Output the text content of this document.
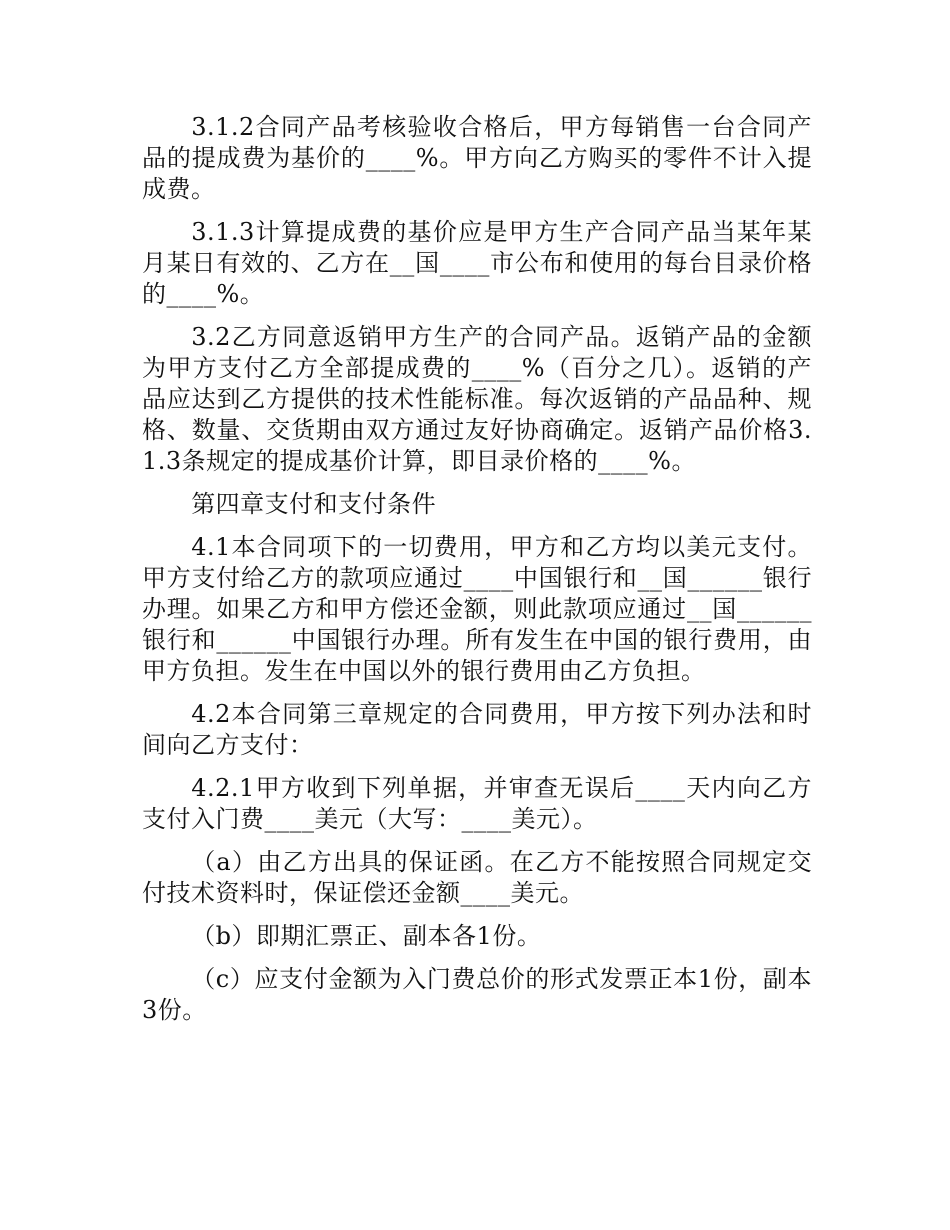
3.1.2合同产品考核验收合格后，甲方每销售一台合同产品的提成费为基价的____%。甲方向乙方购买的零件不计入提成费。

3.1.3计算提成费的基价应是甲方生产合同产品当某年某月某日有效的、乙方在__国____市公布和使用的每台目录价格的____%。

3.2乙方同意返销甲方生产的合同产品。返销产品的金额为甲方支付乙方全部提成费的____%（百分之几）。返销的产品应达到乙方提供的技术性能标准。每次返销的产品品种、规格、数量、交货期由双方通过友好协商确定。返销产品价格3.1.3条规定的提成基价计算，即目录价格的____%。

第四章支付和支付条件

4.1本合同项下的一切费用，甲方和乙方均以美元支付。甲方支付给乙方的款项应通过____中国银行和__国______银行办理。如果乙方和甲方偿还金额，则此款项应通过__国______银行和______中国银行办理。所有发生在中国的银行费用，由甲方负担。发生在中国以外的银行费用由乙方负担。

4.2本合同第三章规定的合同费用，甲方按下列办法和时间向乙方支付：

4.2.1甲方收到下列单据，并审查无误后____天内向乙方支付入门费____美元（大写：____美元）。

（a）由乙方出具的保证函。在乙方不能按照合同规定交付技术资料时，保证偿还金额____美元。

（b）即期汇票正、副本各1份。

（c）应支付金额为入门费总价的形式发票正本1份，副本3份。
